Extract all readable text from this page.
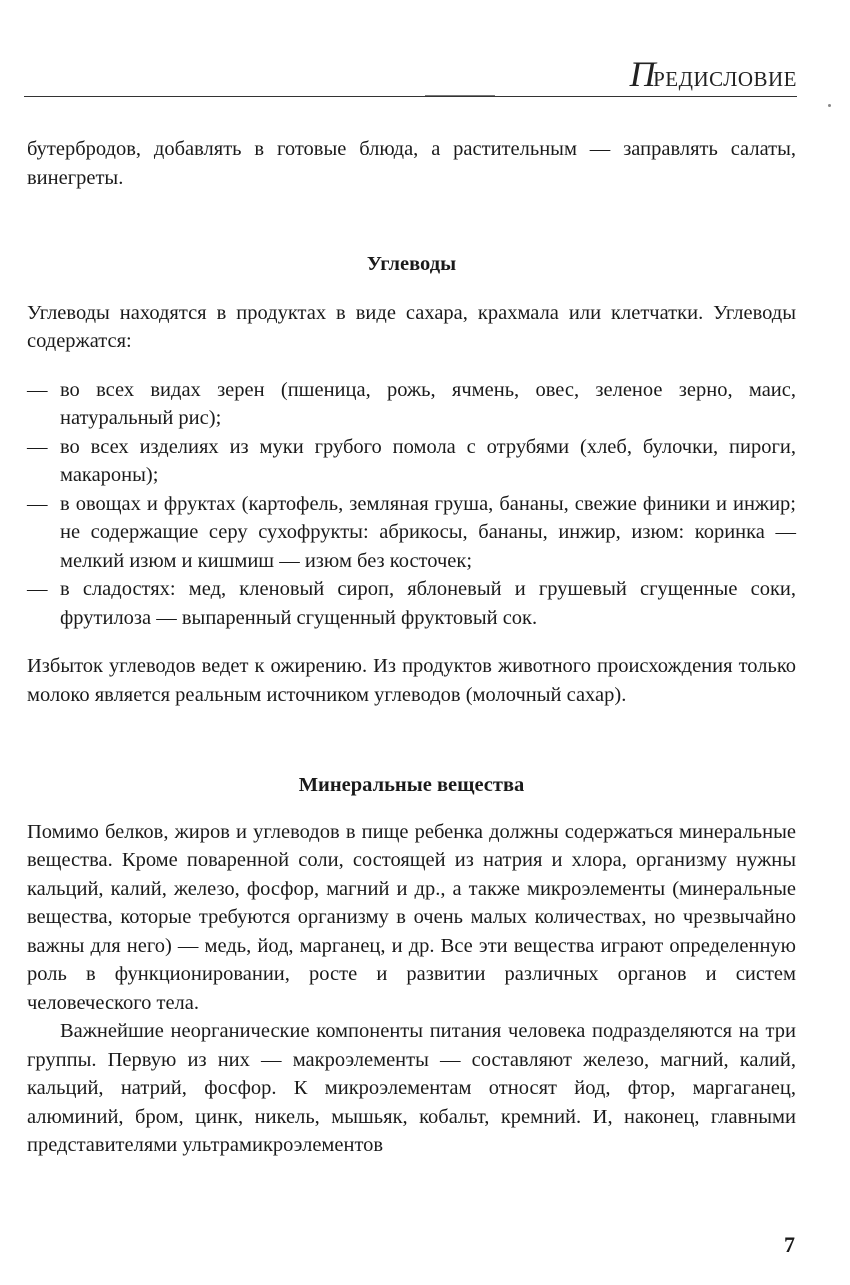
ПРЕДИСЛОВИЕ

бутербродов, добавлять в готовые блюда, а растительным — заправлять салаты, винегреты.

Углеводы

Углеводы находятся в продуктах в виде сахара, крахмала или клетчатки. Углеводы содержатся:

— во всех видах зерен (пшеница, рожь, ячмень, овес, зеленое зерно, маис, натуральный рис);
— во всех изделиях из муки грубого помола с отрубями (хлеб, булочки, пироги, макароны);
— в овощах и фруктах (картофель, земляная груша, бананы, свежие финики и инжир; не содержащие серу сухофрукты: абрикосы, бананы, инжир, изюм: коринка — мелкий изюм и кишмиш — изюм без косточек;
— в сладостях: мед, кленовый сироп, яблоневый и грушевый сгущенные соки, фрутилоза — выпаренный сгущенный фруктовый сок.

Избыток углеводов ведет к ожирению. Из продуктов животного происхождения только молоко является реальным источником углеводов (молочный сахар).

Минеральные вещества

Помимо белков, жиров и углеводов в пище ребенка должны содержаться минеральные вещества. Кроме поваренной соли, состоящей из натрия и хлора, организму нужны кальций, калий, железо, фосфор, магний и др., а также микроэлементы (минеральные вещества, которые требуются организму в очень малых количествах, но чрезвычайно важны для него) — медь, йод, марганец, и др. Все эти вещества играют определенную роль в функционировании, росте и развитии различных органов и систем человеческого тела.

Важнейшие неорганические компоненты питания человека подразделяются на три группы. Первую из них — макроэлементы — составляют железо, магний, калий, кальций, натрий, фосфор. К микроэлементам относят йод, фтор, маргаганец, алюминий, бром, цинк, никель, мышьяк, кобальт, кремний. И, наконец, главными представителями ультрамикроэлементов

7
